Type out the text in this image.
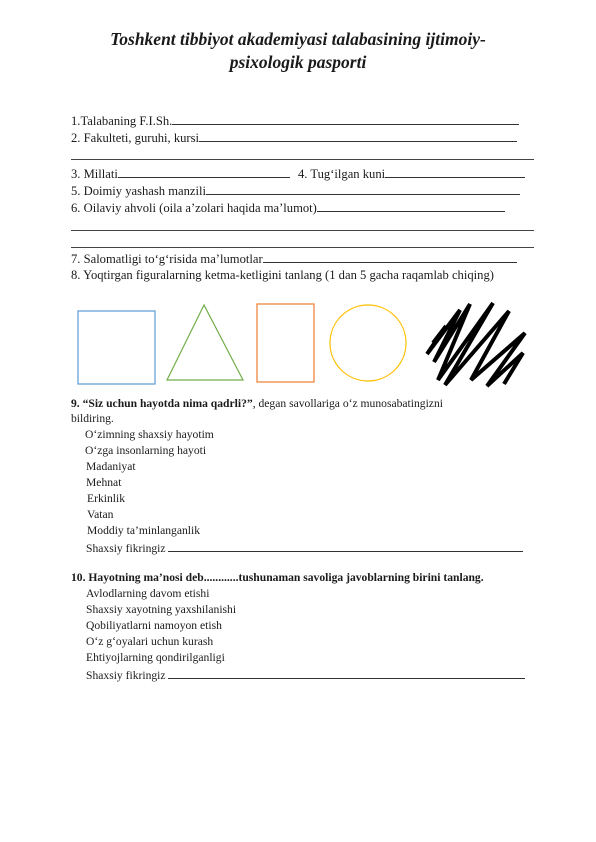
Toshkent tibbiyot akademiyasi talabasining ijtimoiy-
psixologik pasporti
1.Talabaning F.I.Sh.
2. Fakulteti, guruhi, kursi
3. Millati	4. Tug‘ilgan kuni
5. Doimiy yashash manzili
6. Oilaviy ahvoli (oila a’zolari haqida ma’lumot)
7. Salomatligi to‘g‘risida ma’lumotlar
8. Yoqtirgan figuralarning ketma-ketligini tanlang (1 dan 5 gacha raqamlab chiqing)
9. “Siz uchun hayotda nima qadrli?”, degan savollariga o‘z munosabatingizni
bildiring.
O‘zimning shaxsiy hayotim
O‘zga insonlarning hayoti
Madaniyat
Mehnat
Erkinlik
Vatan
Moddiy ta’minlanganlik
Shaxsiy fikringiz
10. Hayotning ma’nosi deb............tushunaman savoliga javoblarning birini tanlang.
Avlodlarning davom etishi
Shaxsiy xayotning yaxshilanishi
Qobiliyatlarni namoyon etish
O‘z g‘oyalari uchun kurash
Ehtiyojlarning qondirilganligi
Shaxsiy fikringiz
